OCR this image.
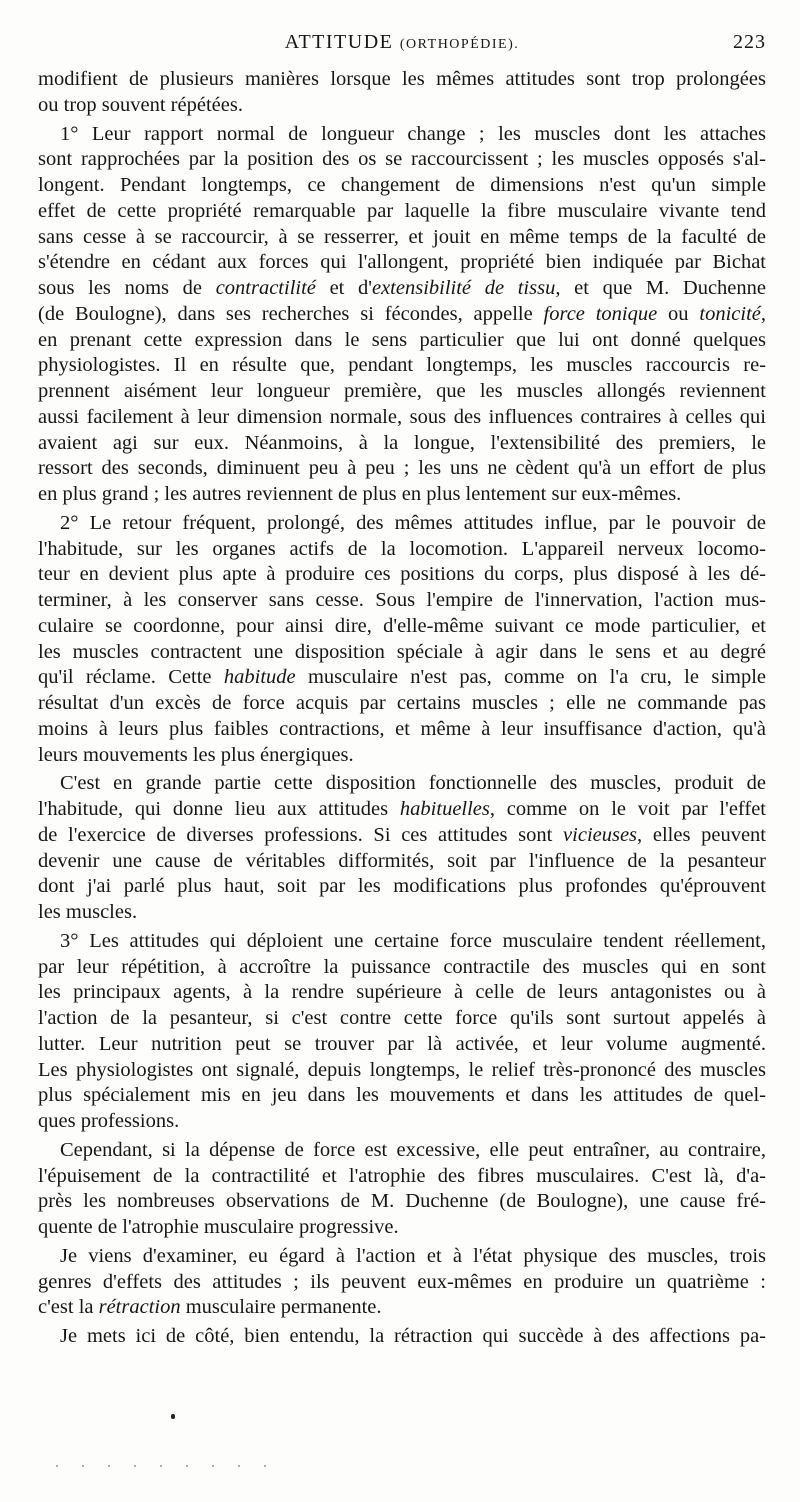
ATTITUDE (ORTHOPÉDIE).	223
modifient de plusieurs manières lorsque les mêmes attitudes sont trop prolongées
ou trop souvent répétées.
1° Leur rapport normal de longueur change ; les muscles dont les attaches
sont rapprochées par la position des os se raccourcissent ; les muscles opposés s'al-
longent. Pendant longtemps, ce changement de dimensions n'est qu'un simple
effet de cette propriété remarquable par laquelle la fibre musculaire vivante tend
sans cesse à se raccourcir, à se resserrer, et jouit en même temps de la faculté de
s'étendre en cédant aux forces qui l'allongent, propriété bien indiquée par Bichat
sous les noms de contractilité et d'extensibilité de tissu, et que M. Duchenne
(de Boulogne), dans ses recherches si fécondes, appelle force tonique ou tonicité,
en prenant cette expression dans le sens particulier que lui ont donné quelques
physiologistes. Il en résulte que, pendant longtemps, les muscles raccourcis re-
prennent aisément leur longueur première, que les muscles allongés reviennent
aussi facilement à leur dimension normale, sous des influences contraires à celles qui
avaient agi sur eux. Néanmoins, à la longue, l'extensibilité des premiers, le
ressort des seconds, diminuent peu à peu ; les uns ne cèdent qu'à un effort de plus
en plus grand ; les autres reviennent de plus en plus lentement sur eux-mêmes.
2° Le retour fréquent, prolongé, des mêmes attitudes influe, par le pouvoir de
l'habitude, sur les organes actifs de la locomotion. L'appareil nerveux locomo-
teur en devient plus apte à produire ces positions du corps, plus disposé à les dé-
terminer, à les conserver sans cesse. Sous l'empire de l'innervation, l'action mus-
culaire se coordonne, pour ainsi dire, d'elle-même suivant ce mode particulier, et
les muscles contractent une disposition spéciale à agir dans le sens et au degré
qu'il réclame. Cette habitude musculaire n'est pas, comme on l'a cru, le simple
résultat d'un excès de force acquis par certains muscles ; elle ne commande pas
moins à leurs plus faibles contractions, et même à leur insuffisance d'action, qu'à
leurs mouvements les plus énergiques.
C'est en grande partie cette disposition fonctionnelle des muscles, produit de
l'habitude, qui donne lieu aux attitudes habituelles, comme on le voit par l'effet
de l'exercice de diverses professions. Si ces attitudes sont vicieuses, elles peuvent
devenir une cause de véritables difformités, soit par l'influence de la pesanteur
dont j'ai parlé plus haut, soit par les modifications plus profondes qu'éprouvent
les muscles.
3° Les attitudes qui déploient une certaine force musculaire tendent réellement,
par leur répétition, à accroître la puissance contractile des muscles qui en sont
les principaux agents, à la rendre supérieure à celle de leurs antagonistes ou à
l'action de la pesanteur, si c'est contre cette force qu'ils sont surtout appelés à
lutter. Leur nutrition peut se trouver par là activée, et leur volume augmenté.
Les physiologistes ont signalé, depuis longtemps, le relief très-prononcé des muscles
plus spécialement mis en jeu dans les mouvements et dans les attitudes de quel-
ques professions.
Cependant, si la dépense de force est excessive, elle peut entraîner, au contraire,
l'épuisement de la contractilité et l'atrophie des fibres musculaires. C'est là, d'a-
près les nombreuses observations de M. Duchenne (de Boulogne), une cause fré-
quente de l'atrophie musculaire progressive.
Je viens d'examiner, eu égard à l'action et à l'état physique des muscles, trois
genres d'effets des attitudes ; ils peuvent eux-mêmes en produire un quatrième :
c'est la rétraction musculaire permanente.
Je mets ici de côté, bien entendu, la rétraction qui succède à des affections pa-
